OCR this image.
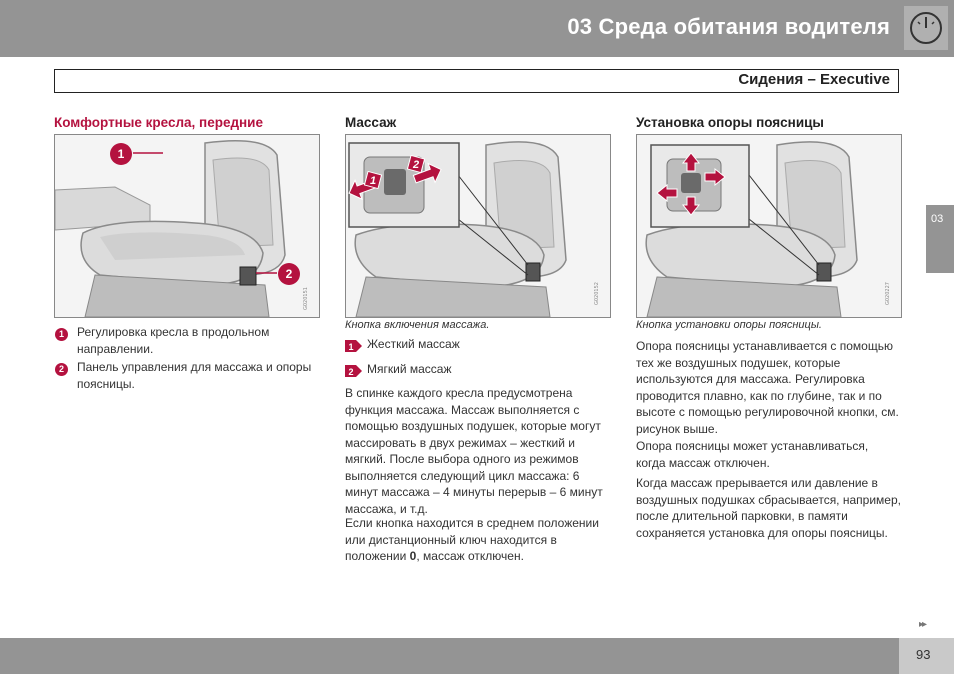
03 Среда обитания водителя
Сидения – Executive
03
Комфортные кресла, передние
1
2
G020151
1	Регулировка кресла в продольном направлении.
2	Панель управления для массажа и опоры поясницы.
Массаж
1
2
G020152
Кнопка включения массажа.
1 Жесткий массаж
2 Мягкий массаж
В спинке каждого кресла предусмотрена функция массажа. Массаж выполняется с помощью воздушных подушек, которые могут массировать в двух режимах – жесткий и мягкий. После выбора одного из режимов выполняется следующий цикл массажа: 6 минут массажа – 4 минуты перерыв – 6 минут массажа, и т.д.
Если кнопка находится в среднем положении или дистанционный ключ находится в положении 0, массаж отключен.
Установка опоры поясницы
G020227
Кнопка установки опоры поясницы.
Опора поясницы устанавливается с помощью тех же воздушных подушек, которые используются для массажа. Регулировка проводится плавно, как по глубине, так и по высоте с помощью регулировочной кнопки, см. рисунок выше.
Опора поясницы может устанавливаться, когда массаж отключен.
Когда массаж прерывается или давление в воздушных подушках сбрасывается, например, после длительной парковки, в памяти сохраняется установка для опоры поясницы.
▸▸
93
